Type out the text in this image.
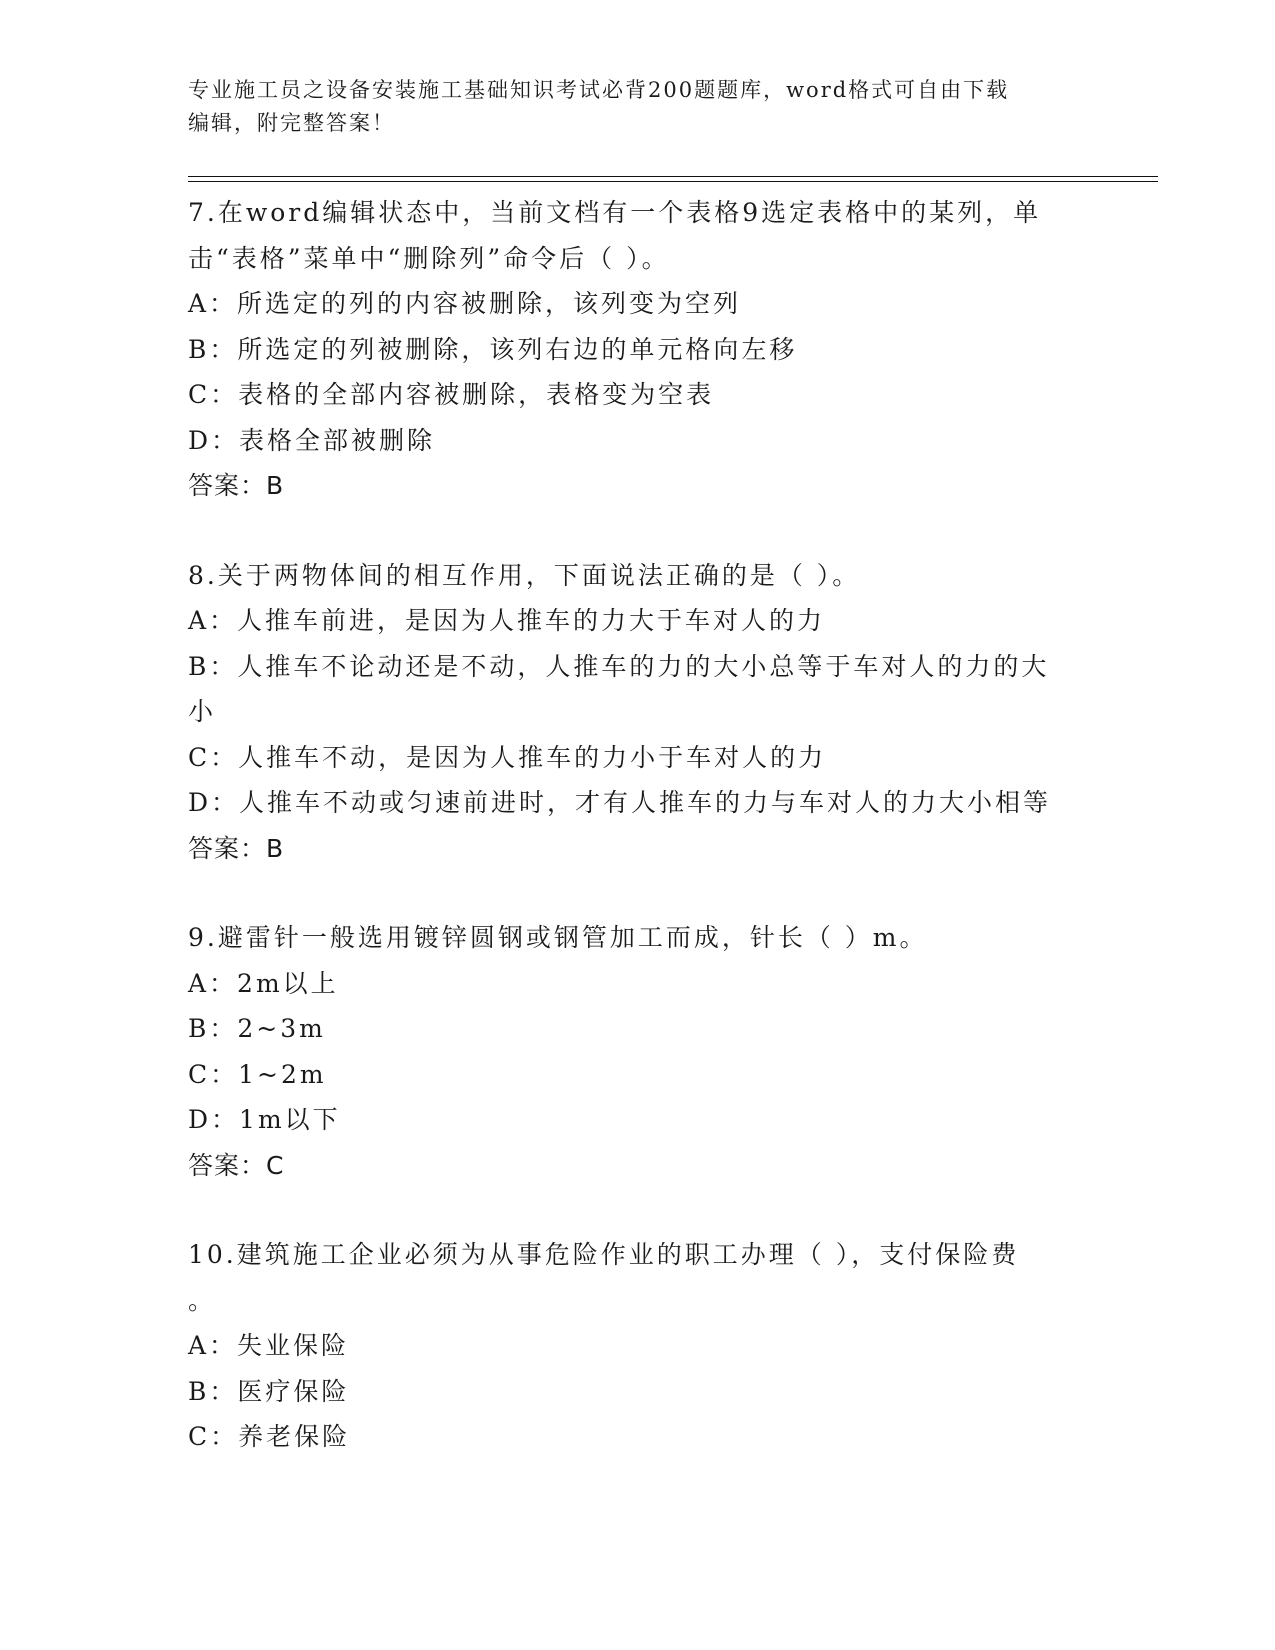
专业施工员之设备安装施工基础知识考试必背200题题库，word格式可自由下载
编辑，附完整答案！
7.在word编辑状态中，当前文档有一个表格9选定表格中的某列，单
击“表格”菜单中“删除列”命令后（ ）。
A：所选定的列的内容被删除，该列变为空列
B：所选定的列被删除，该列右边的单元格向左移
C：表格的全部内容被删除，表格变为空表
D：表格全部被删除
答案：B
8.关于两物体间的相互作用，下面说法正确的是（ ）。
A：人推车前进，是因为人推车的力大于车对人的力
B：人推车不论动还是不动，人推车的力的大小总等于车对人的力的大
小
C：人推车不动，是因为人推车的力小于车对人的力
D：人推车不动或匀速前进时，才有人推车的力与车对人的力大小相等
答案：B
9.避雷针一般选用镀锌圆钢或钢管加工而成，针长（ ）m。
A：2m以上
B：2~3m
C：1~2m
D：1m以下
答案：C
10.建筑施工企业必须为从事危险作业的职工办理（ ），支付保险费
。
A：失业保险
B：医疗保险
C：养老保险
